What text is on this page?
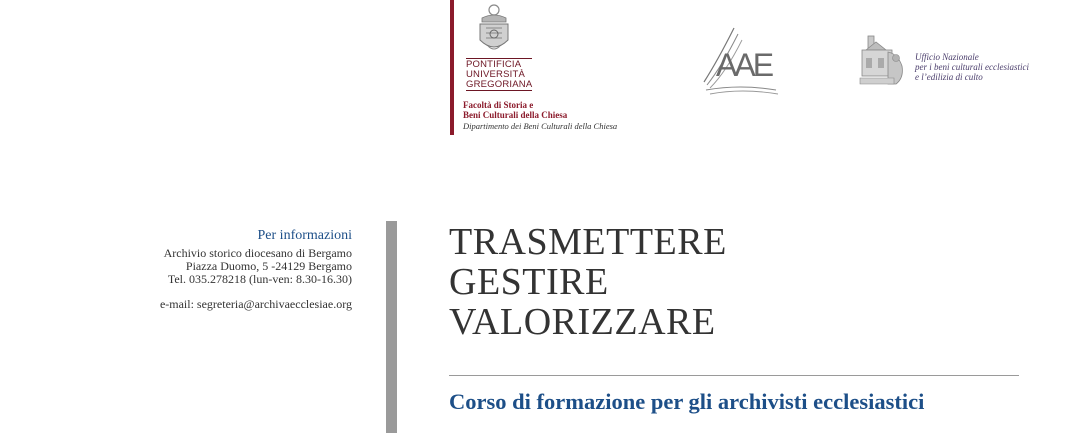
PONTIFICIA
UNIVERSITÀ
GREGORIANA
Facoltà di Storia e
Beni Culturali della Chiesa
Dipartimento dei Beni Culturali della Chiesa
AAE	Ufficio Nazionale
per i beni culturali ecclesiastici
e l’edilizia di culto
Per informazioni
Archivio storico diocesano di Bergamo
Piazza Duomo, 5 -24129 Bergamo
Tel. 035.278218 (lun-ven: 8.30-16.30)
e-mail: segreteria@archivaecclesiae.org
TRASMETTERE
GESTIRE
VALORIZZARE
Corso di formazione per gli archivisti ecclesiastici
